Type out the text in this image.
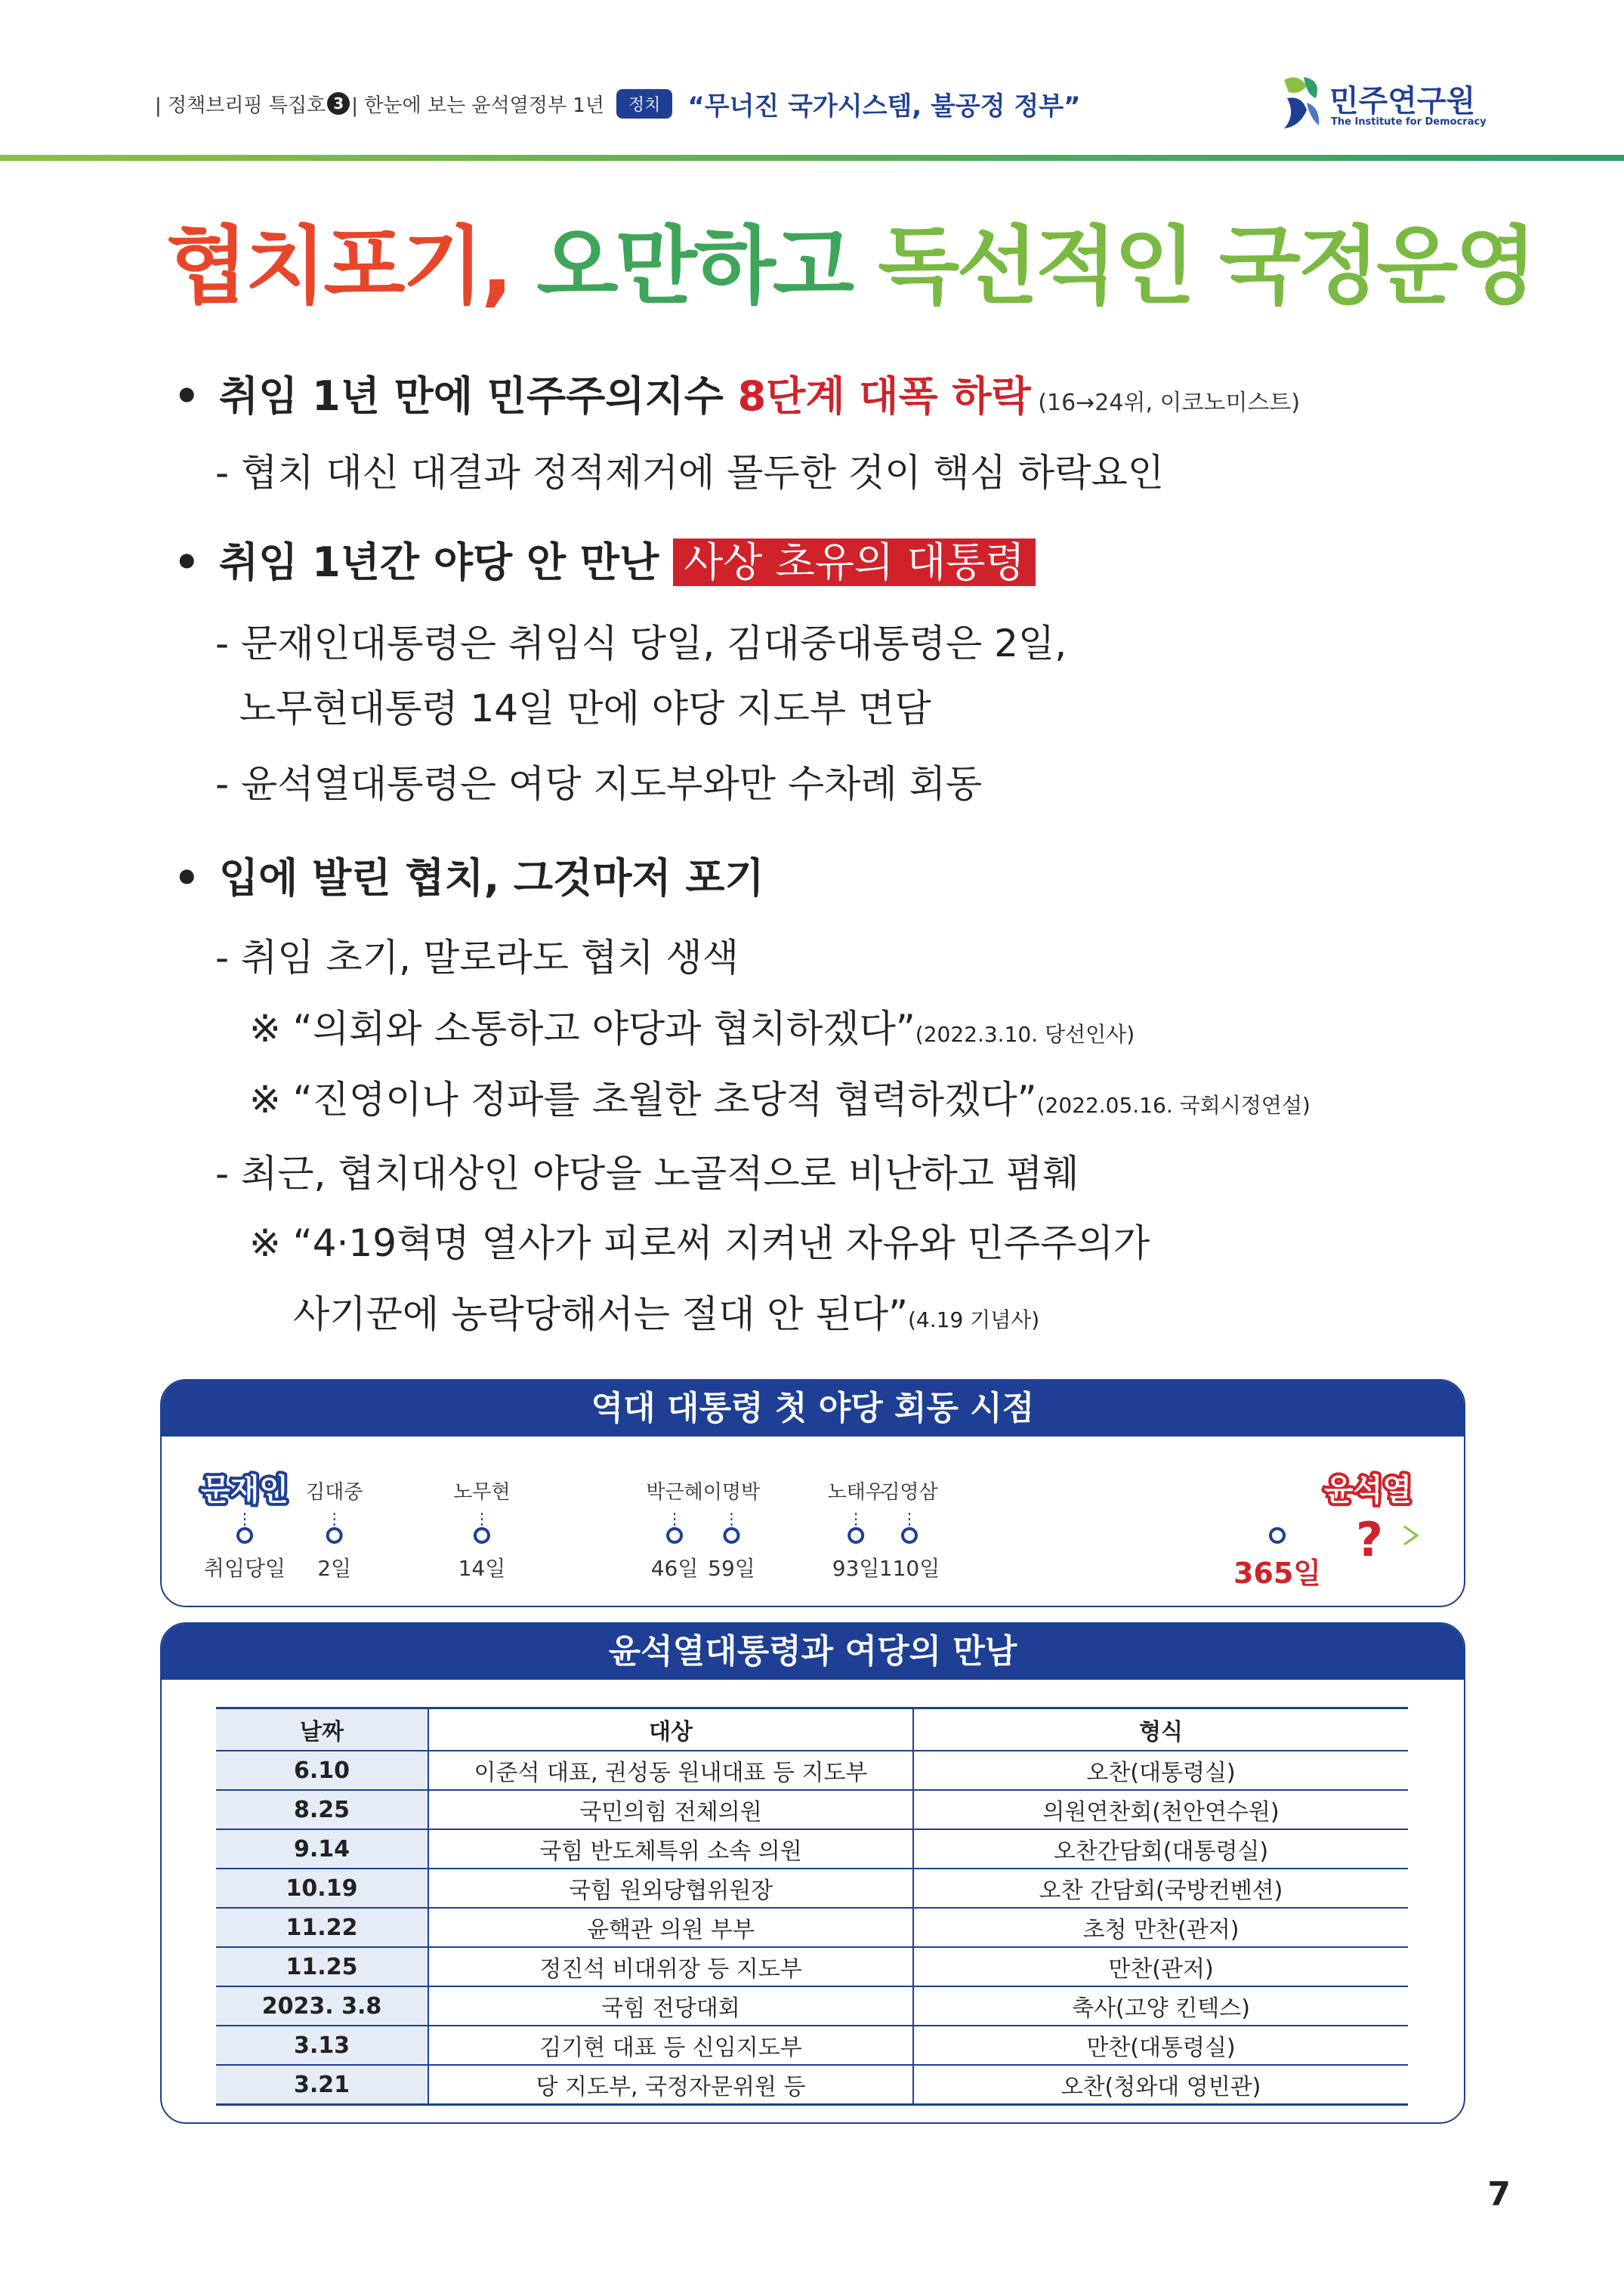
| 정책브리핑 특집호 3 | 한눈에 보는 윤석열정부 1년	정치	“무너진 국가시스템, 불공정 정부”	민주연구원
The Institute for Democracy
협치포기, 오만하고 독선적인 국정운영
• 취임 1년 만에 민주주의지수 8단계 대폭 하락 (16→24위, 이코노미스트)
- 협치 대신 대결과 정적제거에 몰두한 것이 핵심 하락요인
• 취임 1년간 야당 안 만난 사상 초유의 대통령
- 문재인대통령은 취임식 당일, 김대중대통령은 2일,
노무현대통령 14일 만에 야당 지도부 면담
- 윤석열대통령은 여당 지도부와만 수차례 회동
• 입에 발린 협치, 그것마저 포기
- 취임 초기, 말로라도 협치 생색
※ “의회와 소통하고 야당과 협치하겠다”(2022.3.10. 당선인사)
※ “진영이나 정파를 초월한 초당적 협력하겠다”(2022.05.16. 국회시정연설)
- 최근, 협치대상인 야당을 노골적으로 비난하고 폄훼
※ “4·19혁명 열사가 피로써 지켜낸 자유와 민주주의가
사기꾼에 농락당해서는 절대 안 된다”(4.19 기념사)
역대 대통령 첫 야당 회동 시점
문재인
취임당일
김대중
2일
노무현
14일
박근혜
46일
이명박
59일
노태우
93일
김영삼
110일
윤석열
?
365일
윤석열대통령과 여당의 만남
날짜	대상	형식
6.10	이준석 대표, 권성동 원내대표 등 지도부	오찬(대통령실)
8.25	국민의힘 전체의원	의원연찬회(천안연수원)
9.14	국힘 반도체특위 소속 의원	오찬간담회(대통령실)
10.19	국힘 원외당협위원장	오찬 간담회(국방컨벤션)
11.22	윤핵관 의원 부부	초청 만찬(관저)
11.25	정진석 비대위장 등 지도부	만찬(관저)
2023. 3.8	국힘 전당대회	축사(고양 킨텍스)
3.13	김기현 대표 등 신임지도부	만찬(대통령실)
3.21	당 지도부, 국정자문위원 등	오찬(청와대 영빈관)
7
